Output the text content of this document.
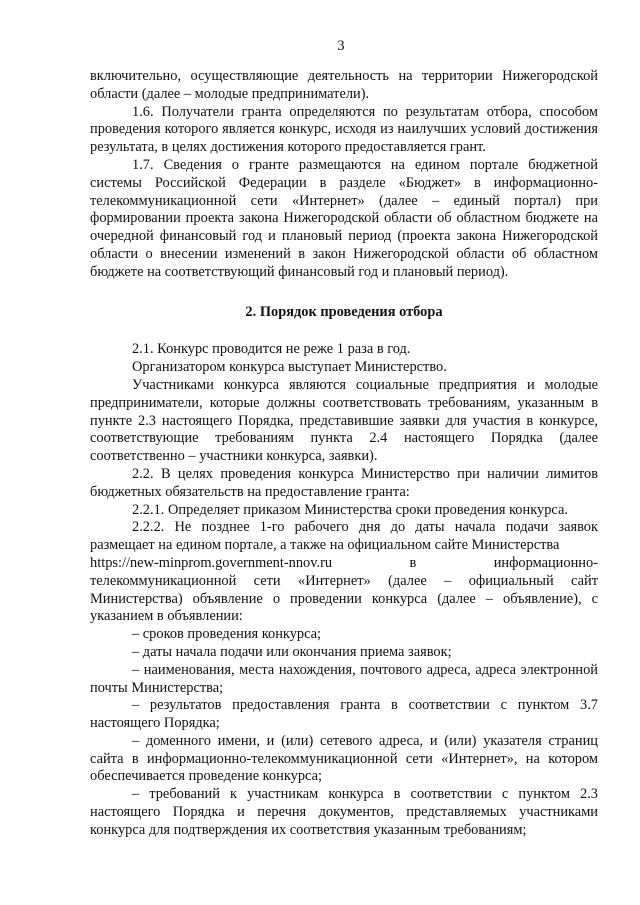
3

включительно, осуществляющие деятельность на территории Нижегородской области (далее – молодые предприниматели).

1.6. Получатели гранта определяются по результатам отбора, способом проведения которого является конкурс, исходя из наилучших условий достижения результата, в целях достижения которого предоставляется грант.

1.7. Сведения о гранте размещаются на едином портале бюджетной системы Российской Федерации в разделе «Бюджет» в информационно-телекоммуникационной сети «Интернет» (далее – единый портал) при формировании проекта закона Нижегородской области об областном бюджете на очередной финансовый год и плановый период (проекта закона Нижегородской области о внесении изменений в закон Нижегородской области об областном бюджете на соответствующий финансовый год и плановый период).

2. Порядок проведения отбора

2.1. Конкурс проводится не реже 1 раза в год.

Организатором конкурса выступает Министерство.

Участниками конкурса являются социальные предприятия и молодые предприниматели, которые должны соответствовать требованиям, указанным в пункте 2.3 настоящего Порядка, представившие заявки для участия в конкурсе, соответствующие требованиям пункта 2.4 настоящего Порядка (далее соответственно – участники конкурса, заявки).

2.2. В целях проведения конкурса Министерство при наличии лимитов бюджетных обязательств на предоставление гранта:

2.2.1. Определяет приказом Министерства сроки проведения конкурса.

2.2.2. Не позднее 1-го рабочего дня до даты начала подачи заявок размещает на едином портале, а также на официальном сайте Министерства

https://new-minprom.government-nnov.ru	в	информационно-

телекоммуникационной сети «Интернет» (далее – официальный сайт Министерства) объявление о проведении конкурса (далее – объявление), с указанием в объявлении:

– сроков проведения конкурса;

– даты начала подачи или окончания приема заявок;

– наименования, места нахождения, почтового адреса, адреса электронной почты Министерства;

– результатов предоставления гранта в соответствии с пунктом 3.7 настоящего Порядка;

– доменного имени, и (или) сетевого адреса, и (или) указателя страниц сайта в информационно-телекоммуникационной сети «Интернет», на котором обеспечивается проведение конкурса;

– требований к участникам конкурса в соответствии с пунктом 2.3 настоящего Порядка и перечня документов, представляемых участниками конкурса для подтверждения их соответствия указанным требованиям;
